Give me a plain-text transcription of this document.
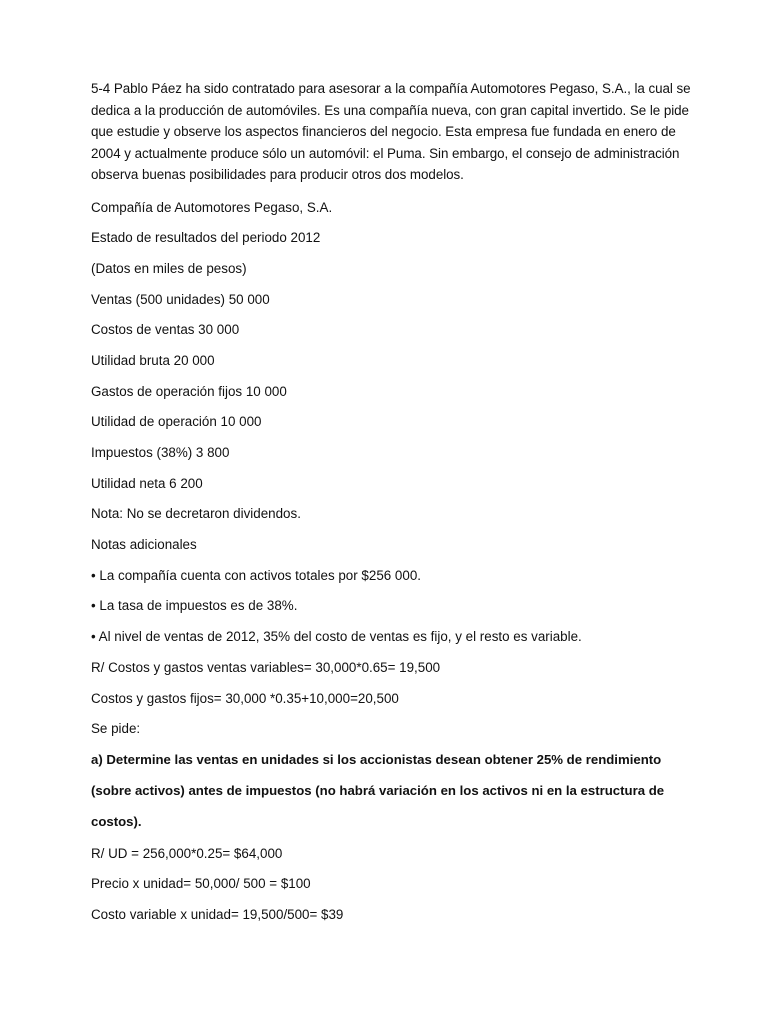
5-4 Pablo Páez ha sido contratado para asesorar a la compañía Automotores Pegaso, S.A., la cual se dedica a la producción de automóviles. Es una compañía nueva, con gran capital invertido. Se le pide que estudie y observe los aspectos financieros del negocio. Esta empresa fue fundada en enero de 2004 y actualmente produce sólo un automóvil: el Puma. Sin embargo, el consejo de administración observa buenas posibilidades para producir otros dos modelos.

Compañía de Automotores Pegaso, S.A.
Estado de resultados del periodo 2012
(Datos en miles de pesos)
Ventas (500 unidades) 50 000
Costos de ventas 30 000
Utilidad bruta 20 000
Gastos de operación fijos 10 000
Utilidad de operación 10 000
Impuestos (38%) 3 800
Utilidad neta 6 200
Nota: No se decretaron dividendos.
Notas adicionales
• La compañía cuenta con activos totales por $256 000.
• La tasa de impuestos es de 38%.
• Al nivel de ventas de 2012, 35% del costo de ventas es fijo, y el resto es variable.
R/ Costos y gastos ventas variables= 30,000*0.65= 19,500
Costos y gastos fijos= 30,000 *0.35+10,000=20,500
Se pide:
a) Determine las ventas en unidades si los accionistas desean obtener 25% de rendimiento
(sobre activos) antes de impuestos (no habrá variación en los activos ni en la estructura de
costos).
R/ UD = 256,000*0.25= $64,000
Precio x unidad= 50,000/ 500 = $100
Costo variable x unidad= 19,500/500= $39
